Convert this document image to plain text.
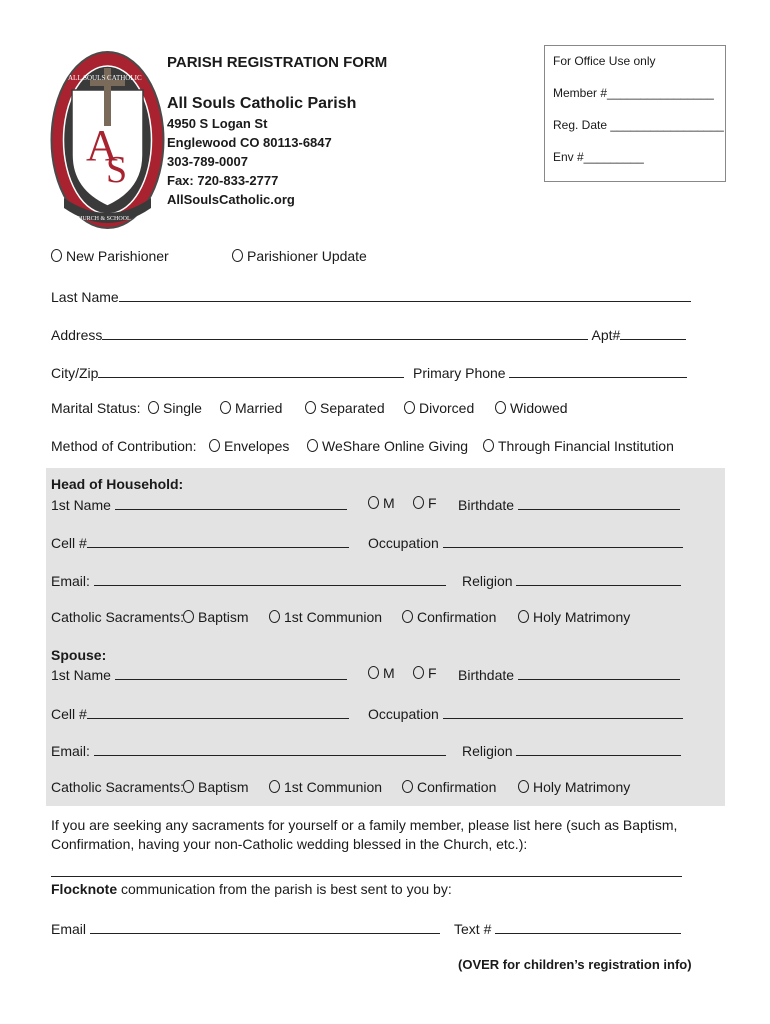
A
S
ALL SOULS CATHOLIC
CHURCH & SCHOOL
PARISH REGISTRATION FORM
All Souls Catholic Parish
4950 S Logan St
Englewood CO 80113-6847
303-789-0007
Fax: 720-833-2777
AllSoulsCatholic.org
For Office Use only
Member #________________
Reg. Date _________________
Env #_________
New Parishioner	Parishioner Update
Last Name
Address	Apt#
City/Zip	Primary Phone
Marital Status:	Single	Married	Separated	Divorced	Widowed
Method of Contribution:	Envelopes	WeShare Online Giving	Through Financial Institution
Head of Household:
1st Name	M	F Birthdate
Cell #	Occupation
Email:	Religion
Catholic Sacraments: Baptism	1st Communion	Confirmation	Holy Matrimony
Spouse:
1st Name	M	F Birthdate
Cell #	Occupation
Email:	Religion
Catholic Sacraments: Baptism	1st Communion	Confirmation	Holy Matrimony
If you are seeking any sacraments for yourself or a family member, please list here (such as Baptism,
Confirmation, having your non-Catholic wedding blessed in the Church, etc.):
Flocknote communication from the parish is best sent to you by:
Email	Text #
(OVER for children’s registration info)
